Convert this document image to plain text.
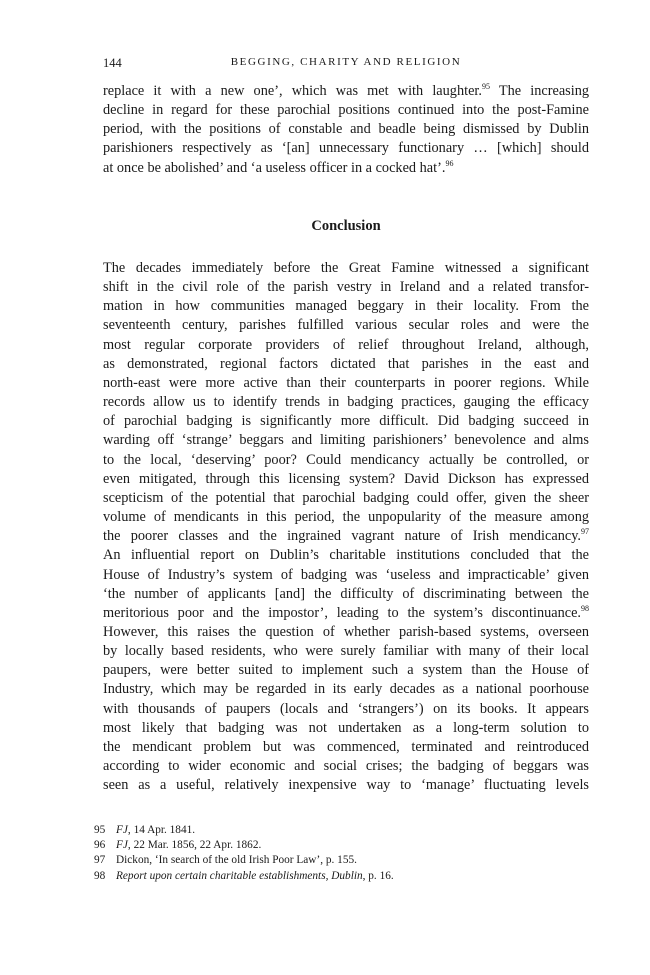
144	BEGGING, CHARITY AND RELIGION
replace it with a new one’, which was met with laughter.$^{95}$ The increasing
decline in regard for these parochial positions continued into the post-Famine
period, with the positions of constable and beadle being dismissed by Dublin
parishioners respectively as ‘[an] unnecessary functionary … [which] should
at once be abolished’ and ‘a useless officer in a cocked hat’.$^{96}$
Conclusion
The decades immediately before the Great Famine witnessed a significant
shift in the civil role of the parish vestry in Ireland and a related transfor-
mation in how communities managed beggary in their locality. From the
seventeenth century, parishes fulfilled various secular roles and were the
most regular corporate providers of relief throughout Ireland, although,
as demonstrated, regional factors dictated that parishes in the east and
north-east were more active than their counterparts in poorer regions. While
records allow us to identify trends in badging practices, gauging the efficacy
of parochial badging is significantly more difficult. Did badging succeed in
warding off ‘strange’ beggars and limiting parishioners’ benevolence and alms
to the local, ‘deserving’ poor? Could mendicancy actually be controlled, or
even mitigated, through this licensing system? David Dickson has expressed
scepticism of the potential that parochial badging could offer, given the sheer
volume of mendicants in this period, the unpopularity of the measure among
the poorer classes and the ingrained vagrant nature of Irish mendicancy.$^{97}$
An influential report on Dublin’s charitable institutions concluded that the
House of Industry’s system of badging was ‘useless and impracticable’ given
‘the number of applicants [and] the difficulty of discriminating between the
meritorious poor and the impostor’, leading to the system’s discontinuance.$^{98}$
However, this raises the question of whether parish-based systems, overseen
by locally based residents, who were surely familiar with many of their local
paupers, were better suited to implement such a system than the House of
Industry, which may be regarded in its early decades as a national poorhouse
with thousands of paupers (locals and ‘strangers’) on its books. It appears
most likely that badging was not undertaken as a long-term solution to
the mendicant problem but was commenced, terminated and reintroduced
according to wider economic and social crises; the badging of beggars was
seen as a useful, relatively inexpensive way to ‘manage’ fluctuating levels
95 FJ, 14 Apr. 1841.
96 FJ, 22 Mar. 1856, 22 Apr. 1862.
97 Dickon, ‘In search of the old Irish Poor Law’, p. 155.
98 Report upon certain charitable establishments, Dublin, p. 16.
